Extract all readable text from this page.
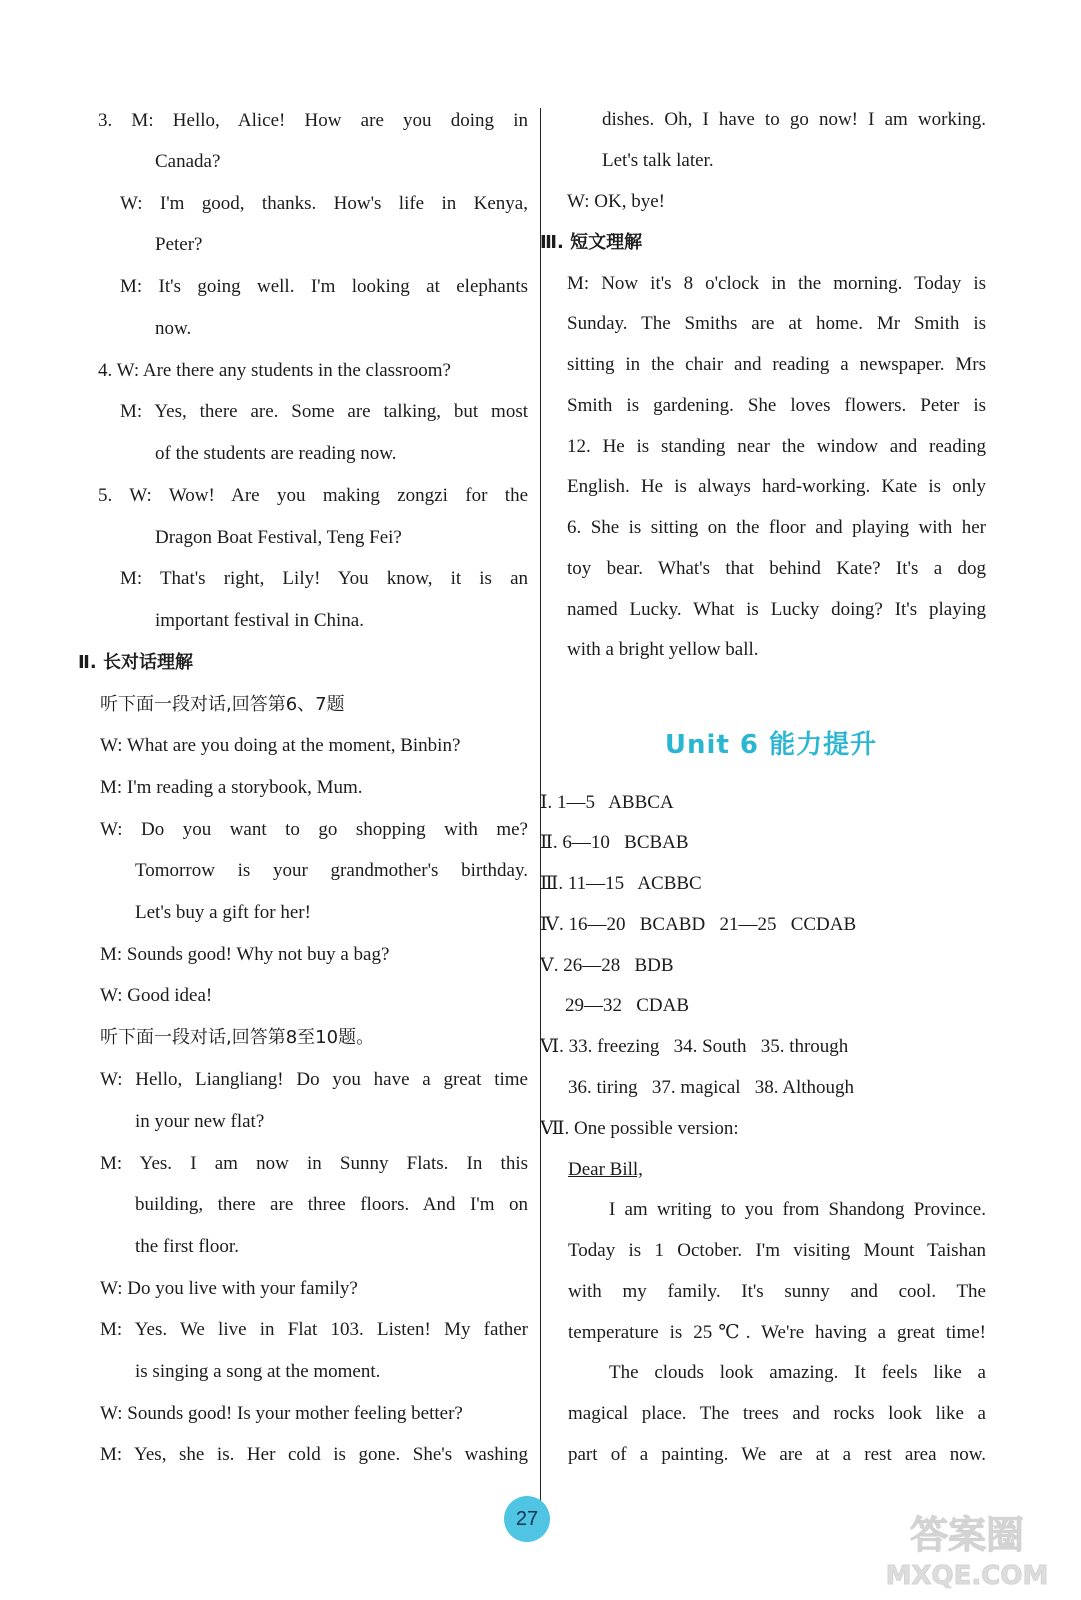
3. M: Hello, Alice! How are you doing in
Canada?
W: I'm good, thanks. How's life in Kenya,
Peter?
M: It's going well. I'm looking at elephants
now.
4. W: Are there any students in the classroom?
M: Yes, there are. Some are talking, but most
of the students are reading now.
5. W: Wow! Are you making zongzi for the
Dragon Boat Festival, Teng Fei?
M: That's right, Lily! You know, it is an
important festival in China.
Ⅱ. 长对话理解
听下面一段对话,回答第6、7题
W: What are you doing at the moment, Binbin?
M: I'm reading a storybook, Mum.
W: Do you want to go shopping with me?
Tomorrow is your grandmother's birthday.
Let's buy a gift for her!
M: Sounds good! Why not buy a bag?
W: Good idea!
听下面一段对话,回答第8至10题。
W: Hello, Liangliang! Do you have a great time
in your new flat?
M: Yes. I am now in Sunny Flats. In this
building, there are three floors. And I'm on
the first floor.
W: Do you live with your family?
M: Yes. We live in Flat 103. Listen! My father
is singing a song at the moment.
W: Sounds good! Is your mother feeling better?
M: Yes, she is. Her cold is gone. She's washing
dishes. Oh, I have to go now! I am working.
Let's talk later.
W: OK, bye!
Ⅲ. 短文理解
M: Now it's 8 o'clock in the morning. Today is
Sunday. The Smiths are at home. Mr Smith is
sitting in the chair and reading a newspaper. Mrs
Smith is gardening. She loves flowers. Peter is
12. He is standing near the window and reading
English. He is always hard-working. Kate is only
6. She is sitting on the floor and playing with her
toy bear. What's that behind Kate? It's a dog
named Lucky. What is Lucky doing? It's playing
with a bright yellow ball.
Unit 6 能力提升
Ⅰ. 1—5   ABBCA
Ⅱ. 6—10   BCBAB
Ⅲ. 11—15   ACBBC
Ⅳ. 16—20   BCABD   21—25   CCDAB
Ⅴ. 26—28   BDB
29—32   CDAB
Ⅵ. 33. freezing   34. South   35. through
36. tiring   37. magical   38. Although
Ⅶ. One possible version:
Dear Bill,
I am writing to you from Shandong Province.
Today is 1 October. I'm visiting Mount Taishan
with my family. It's sunny and cool. The
temperature is 25℃. We're having a great time!
The clouds look amazing. It feels like a
magical place. The trees and rocks look like a
part of a painting. We are at a rest area now.
27	答案圈
MXQE.COM
